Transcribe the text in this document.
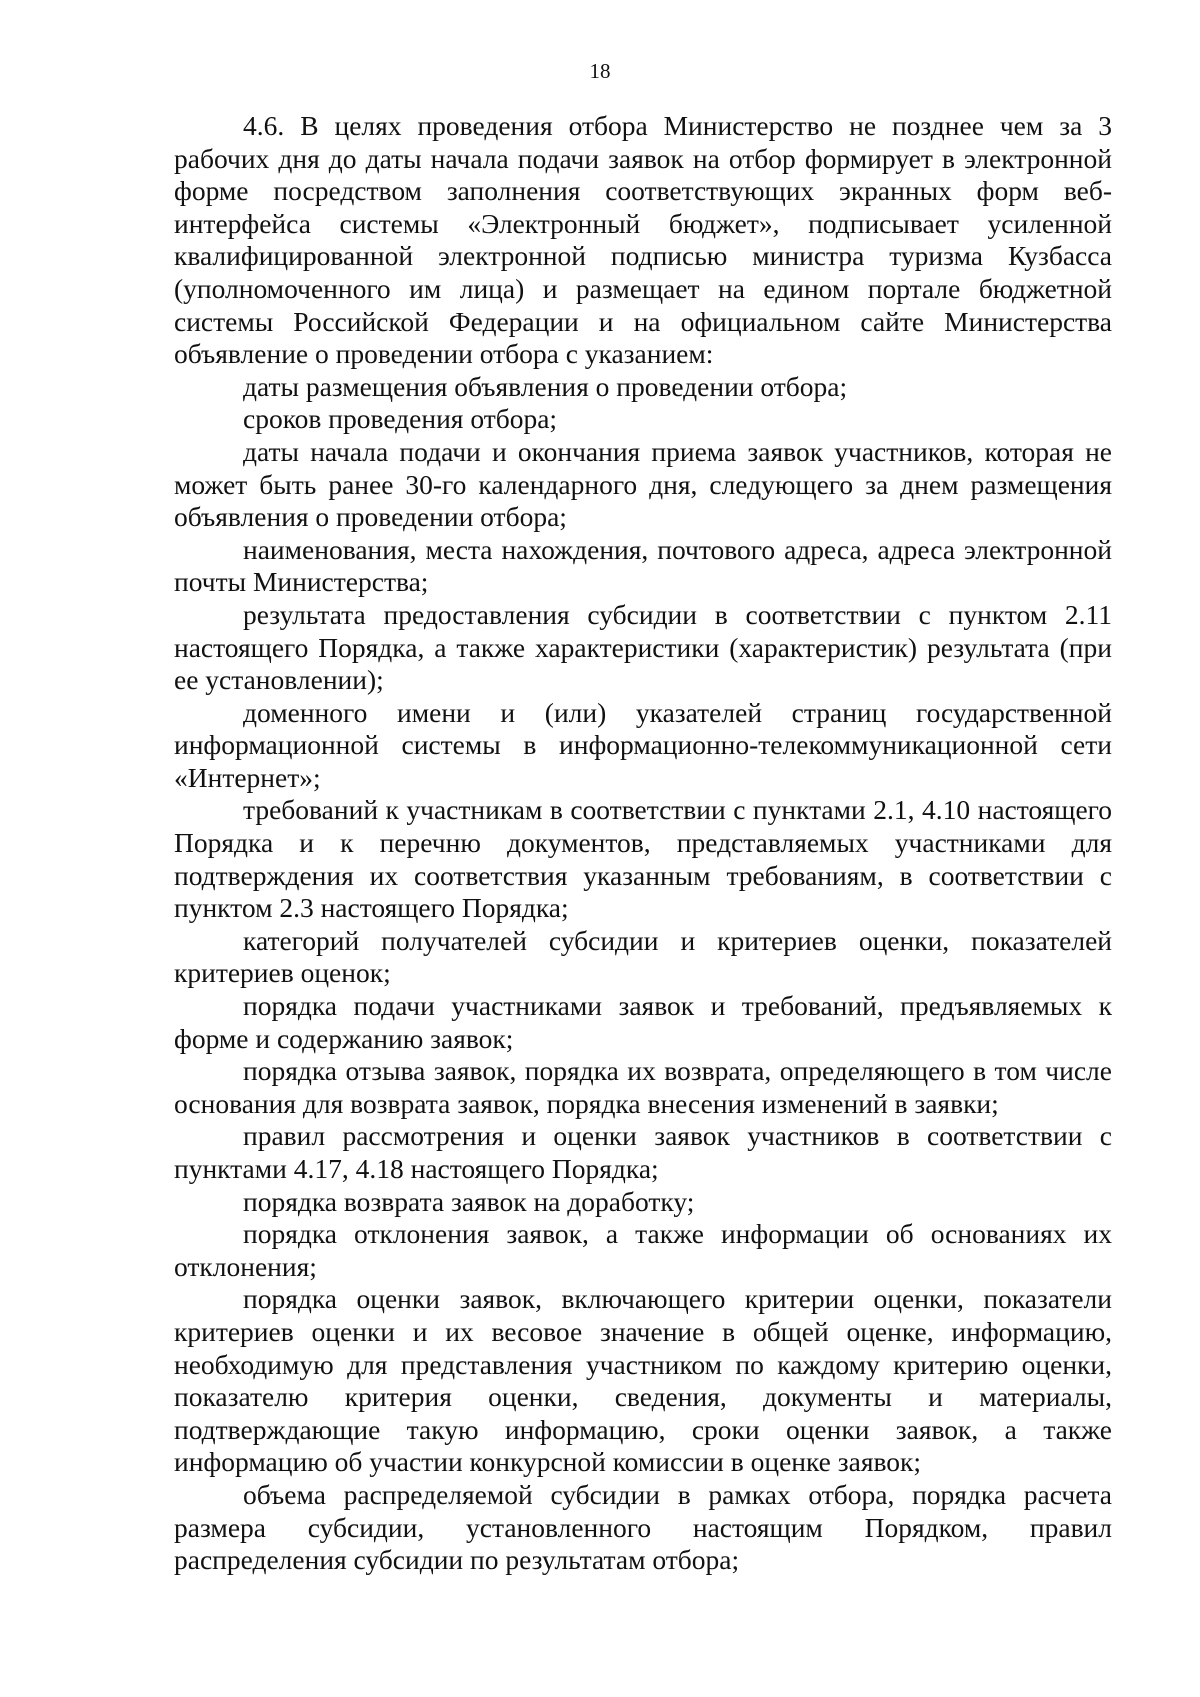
18

4.6. В целях проведения отбора Министерство не позднее чем за 3 рабочих дня до даты начала подачи заявок на отбор формирует в электронной форме посредством заполнения соответствующих экранных форм веб-интерфейса системы «Электронный бюджет», подписывает усиленной квалифицированной электронной подписью министра туризма Кузбасса (уполномоченного им лица) и размещает на едином портале бюджетной системы Российской Федерации и на официальном сайте Министерства объявление о проведении отбора с указанием:

даты размещения объявления о проведении отбора;

сроков проведения отбора;

даты начала подачи и окончания приема заявок участников, которая не может быть ранее 30-го календарного дня, следующего за днем размещения объявления о проведении отбора;

наименования, места нахождения, почтового адреса, адреса электронной почты Министерства;

результата предоставления субсидии в соответствии с пунктом 2.11 настоящего Порядка, а также характеристики (характеристик) результата (при ее установлении);

доменного имени и (или) указателей страниц государственной информационной системы в информационно-телекоммуникационной сети «Интернет»;

требований к участникам в соответствии с пунктами 2.1, 4.10 настоящего Порядка и к перечню документов, представляемых участниками для подтверждения их соответствия указанным требованиям, в соответствии с пунктом 2.3 настоящего Порядка;

категорий получателей субсидии и критериев оценки, показателей критериев оценок;

порядка подачи участниками заявок и требований, предъявляемых к форме и содержанию заявок;

порядка отзыва заявок, порядка их возврата, определяющего в том числе основания для возврата заявок, порядка внесения изменений в заявки;

правил рассмотрения и оценки заявок участников в соответствии с пунктами 4.17, 4.18 настоящего Порядка;

порядка возврата заявок на доработку;

порядка отклонения заявок, а также информации об основаниях их отклонения;

порядка оценки заявок, включающего критерии оценки, показатели критериев оценки и их весовое значение в общей оценке, информацию, необходимую для представления участником по каждому критерию оценки, показателю критерия оценки, сведения, документы и материалы, подтверждающие такую информацию, сроки оценки заявок, а также информацию об участии конкурсной комиссии в оценке заявок;

объема распределяемой субсидии в рамках отбора, порядка расчета размера субсидии, установленного настоящим Порядком, правил распределения субсидии по результатам отбора;
